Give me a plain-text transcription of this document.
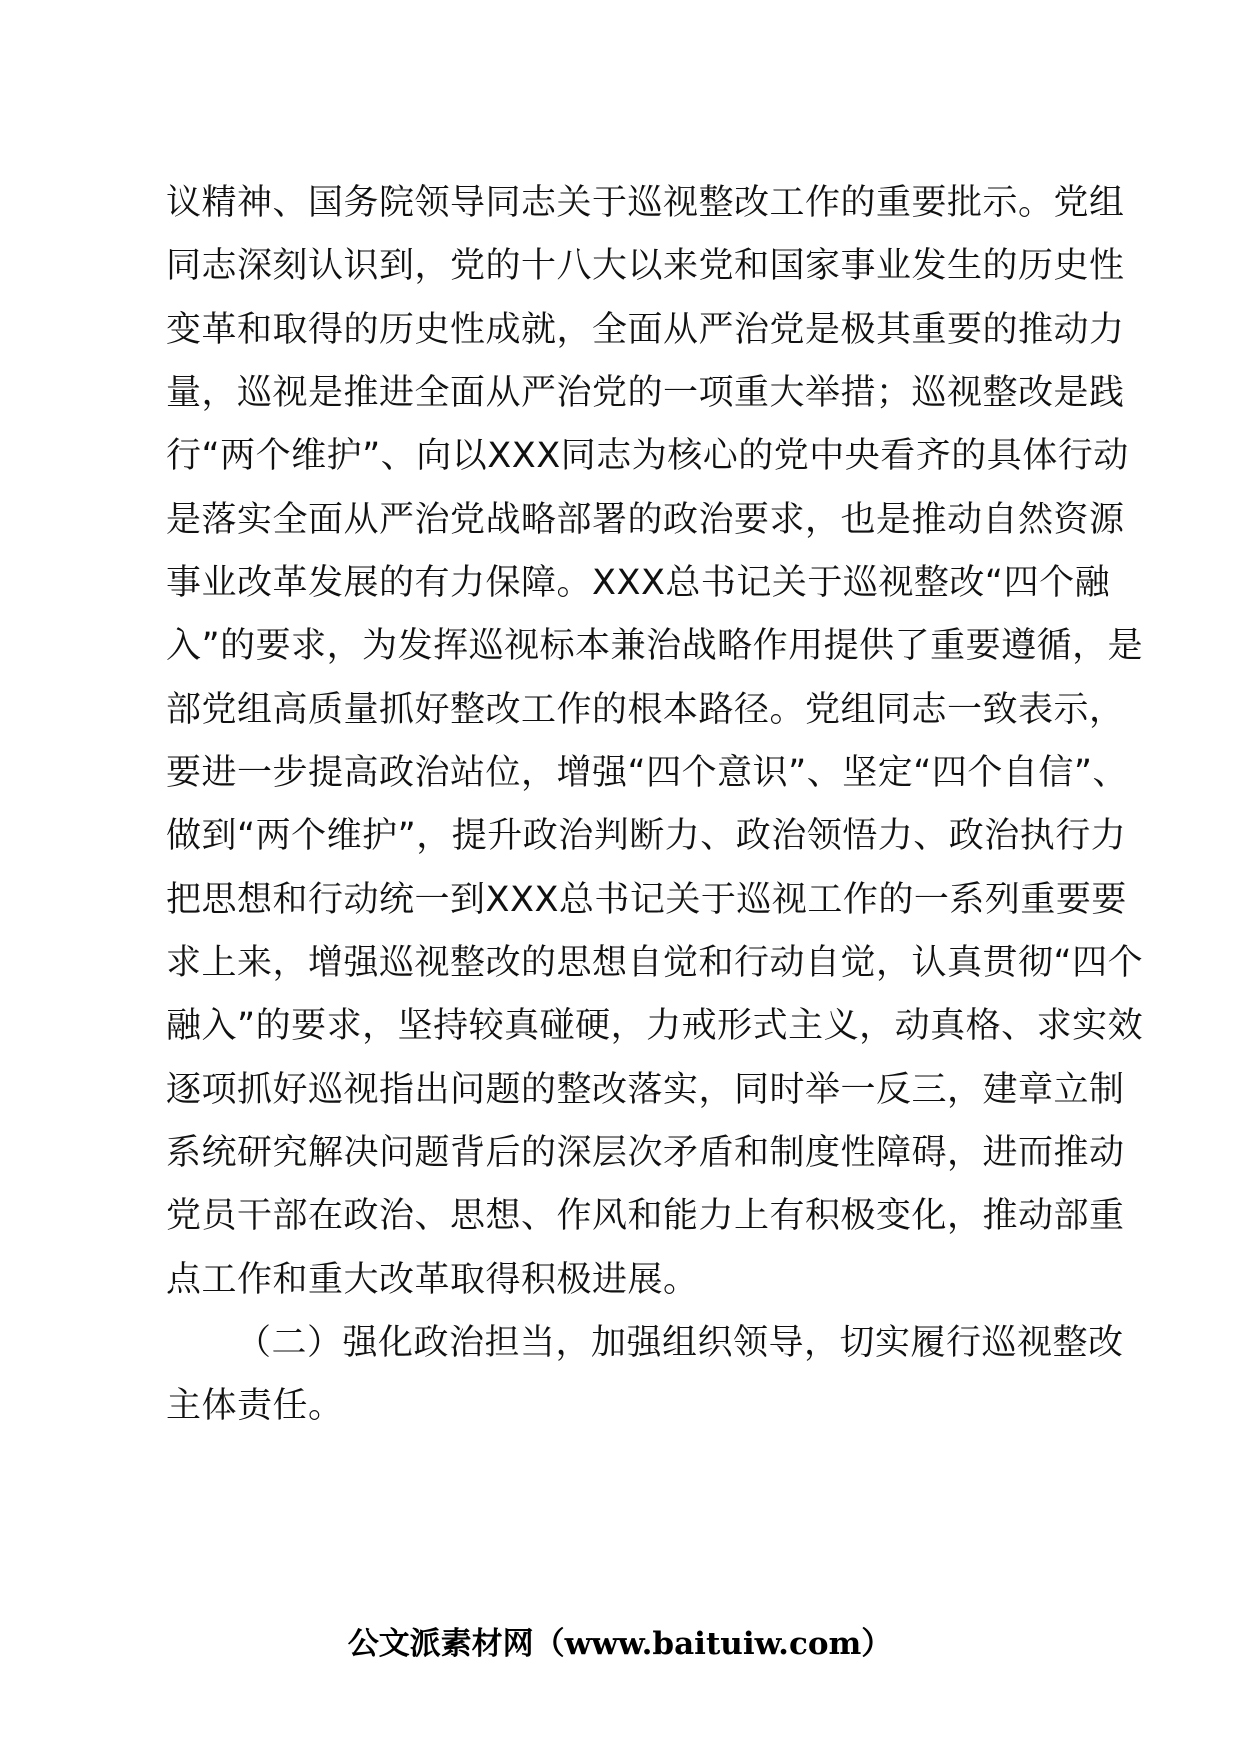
议精神、国务院领导同志关于巡视整改工作的重要批示。党组
同志深刻认识到，党的十八大以来党和国家事业发生的历史性
变革和取得的历史性成就，全面从严治党是极其重要的推动力
量，巡视是推进全面从严治党的一项重大举措；巡视整改是践
行“两个维护”、向以XXX同志为核心的党中央看齐的具体行动
是落实全面从严治党战略部署的政治要求，也是推动自然资源
事业改革发展的有力保障。XXX总书记关于巡视整改“四个融
入”的要求，为发挥巡视标本兼治战略作用提供了重要遵循，是
部党组高质量抓好整改工作的根本路径。党组同志一致表示，
要进一步提高政治站位，增强“四个意识”、坚定“四个自信”、
做到“两个维护”，提升政治判断力、政治领悟力、政治执行力
把思想和行动统一到XXX总书记关于巡视工作的一系列重要要
求上来，增强巡视整改的思想自觉和行动自觉，认真贯彻“四个
融入”的要求，坚持较真碰硬，力戒形式主义，动真格、求实效
逐项抓好巡视指出问题的整改落实，同时举一反三，建章立制
系统研究解决问题背后的深层次矛盾和制度性障碍，进而推动
党员干部在政治、思想、作风和能力上有积极变化，推动部重
点工作和重大改革取得积极进展。
（二）强化政治担当，加强组织领导，切实履行巡视整改
主体责任。
公文派素材网（www.baituiw.com）
